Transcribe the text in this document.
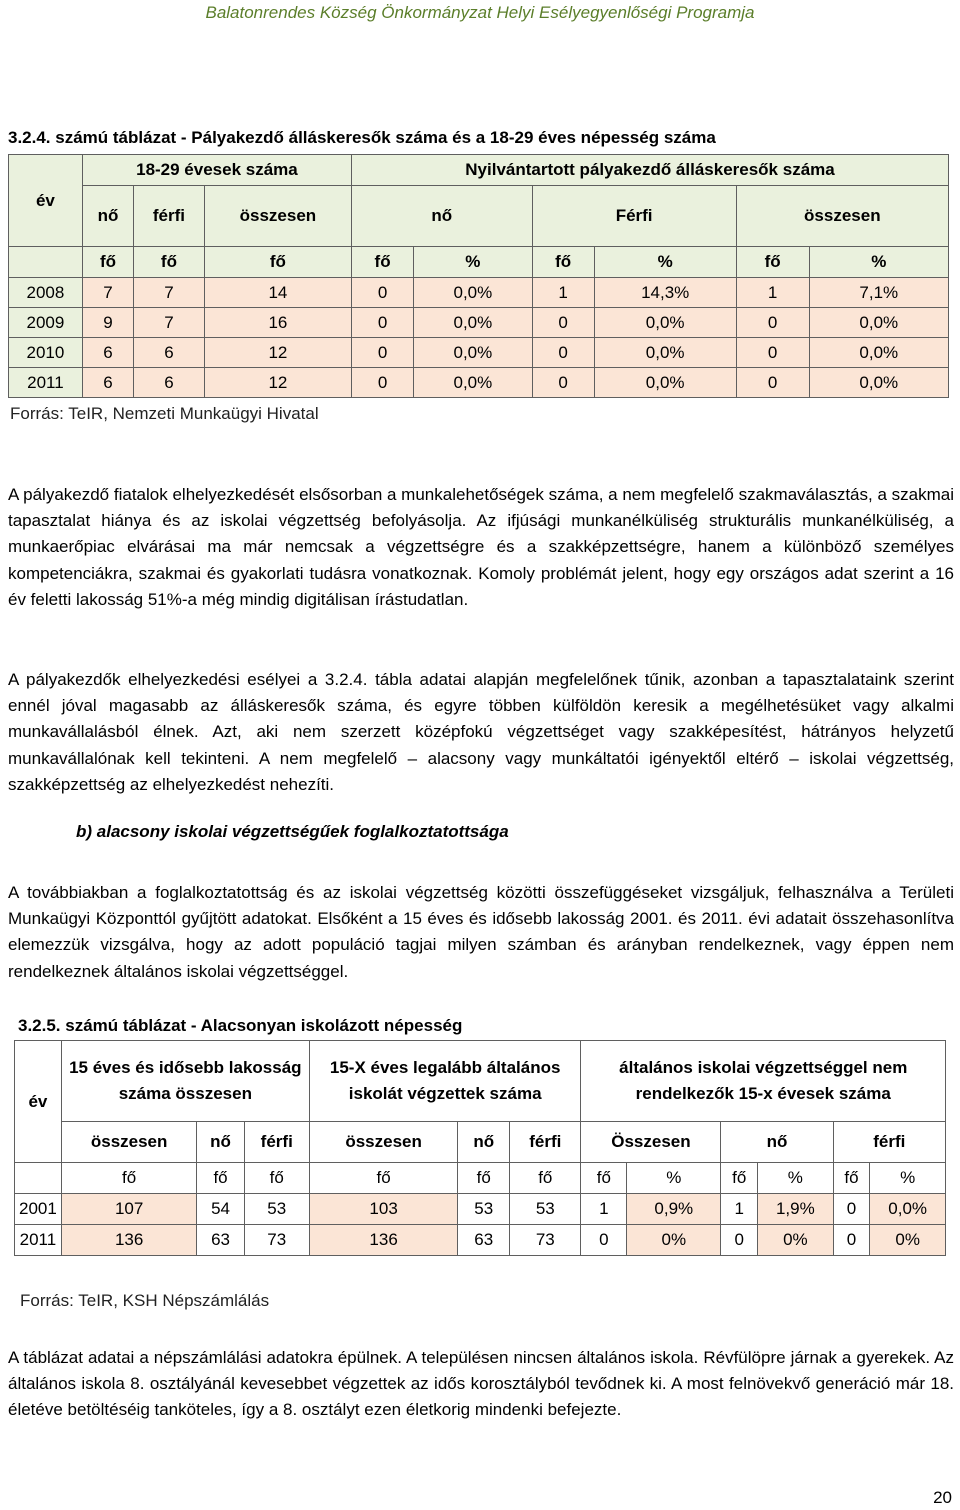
Balatonrendes Község Önkormányzat Helyi Esélyegyenlőségi Programja
3.2.4. számú táblázat - Pályakezdő álláskeresők száma és a 18-29 éves népesség száma
év	18-29 évesek száma			Nyilvántartott pályakezdő álláskeresők száma					
	nő	férfi	összesen	nő		Férfi		összesen	
	fő	fő	fő	fő	%	fő	%	fő	%
2008	7	7	14	0	0,0%	1	14,3%	1	7,1%
2009	9	7	16	0	0,0%	0	0,0%	0	0,0%
2010	6	6	12	0	0,0%	0	0,0%	0	0,0%
2011	6	6	12	0	0,0%	0	0,0%	0	0,0%
Forrás: TeIR, Nemzeti Munkaügyi Hivatal

A pályakezdő fiatalok elhelyezkedését elsősorban a munkalehetőségek száma, a nem megfelelő szakmaválasztás, a szakmai tapasztalat hiánya és az iskolai végzettség befolyásolja. Az ifjúsági munkanélküliség strukturális munkanélküliség, a munkaerőpiac elvárásai ma már nemcsak a végzettségre és a szakképzettségre, hanem a különböző személyes kompetenciákra, szakmai és gyakorlati tudásra vonatkoznak. Komoly problémát jelent, hogy egy országos adat szerint a 16 év feletti lakosság 51%-a még mindig digitálisan írástudatlan.

A pályakezdők elhelyezkedési esélyei a 3.2.4. tábla adatai alapján megfelelőnek tűnik, azonban a tapasztalataink szerint ennél jóval magasabb az álláskeresők száma, és egyre többen külföldön keresik a megélhetésüket vagy alkalmi munkavállalásból élnek. Azt, aki nem szerzett középfokú végzettséget vagy szakképesítést, hátrányos helyzetű munkavállalónak kell tekinteni. A nem megfelelő – alacsony vagy munkáltatói igényektől eltérő – iskolai végzettség, szakképzettség az elhelyezkedést nehezíti.

b) alacsony iskolai végzettségűek foglalkoztatottsága

A továbbiakban a foglalkoztatottság és az iskolai végzettség közötti összefüggéseket vizsgáljuk, felhasználva a Területi Munkaügyi Központtól gyűjtött adatokat. Elsőként a 15 éves és idősebb lakosság 2001. és 2011. évi adatait összehasonlítva elemezzük vizsgálva, hogy az adott populáció tagjai milyen számban és arányban rendelkeznek, vagy éppen nem rendelkeznek általános iskolai végzettséggel.

3.2.5. számú táblázat - Alacsonyan iskolázott népesség
év	15 éves és idősebb lakosság száma összesen			15-X éves legalább általános iskolát végzettek száma			általános iskolai végzettséggel nem rendelkezők 15-x évesek száma					
	összesen	nő	férfi	összesen	nő	férfi	Összesen		nő		férfi	
	fő	fő	fő	fő	fő	fő	fő	%	fő	%	fő	%
2001	107	54	53	103	53	53	1	0,9%	1	1,9%	0	0,0%
2011	136	63	73	136	63	73	0	0%	0	0%	0	0%
Forrás: TeIR, KSH Népszámlálás

A táblázat adatai a népszámlálási adatokra épülnek. A településen nincsen általános iskola. Révfülöpre járnak a gyerekek. Az általános iskola 8. osztályánál kevesebbet végzettek az idős korosztályból tevődnek ki. A most felnövekvő generáció már 18. életéve betöltéséig tanköteles, így a 8. osztályt ezen életkorig mindenki befejezte.

20
